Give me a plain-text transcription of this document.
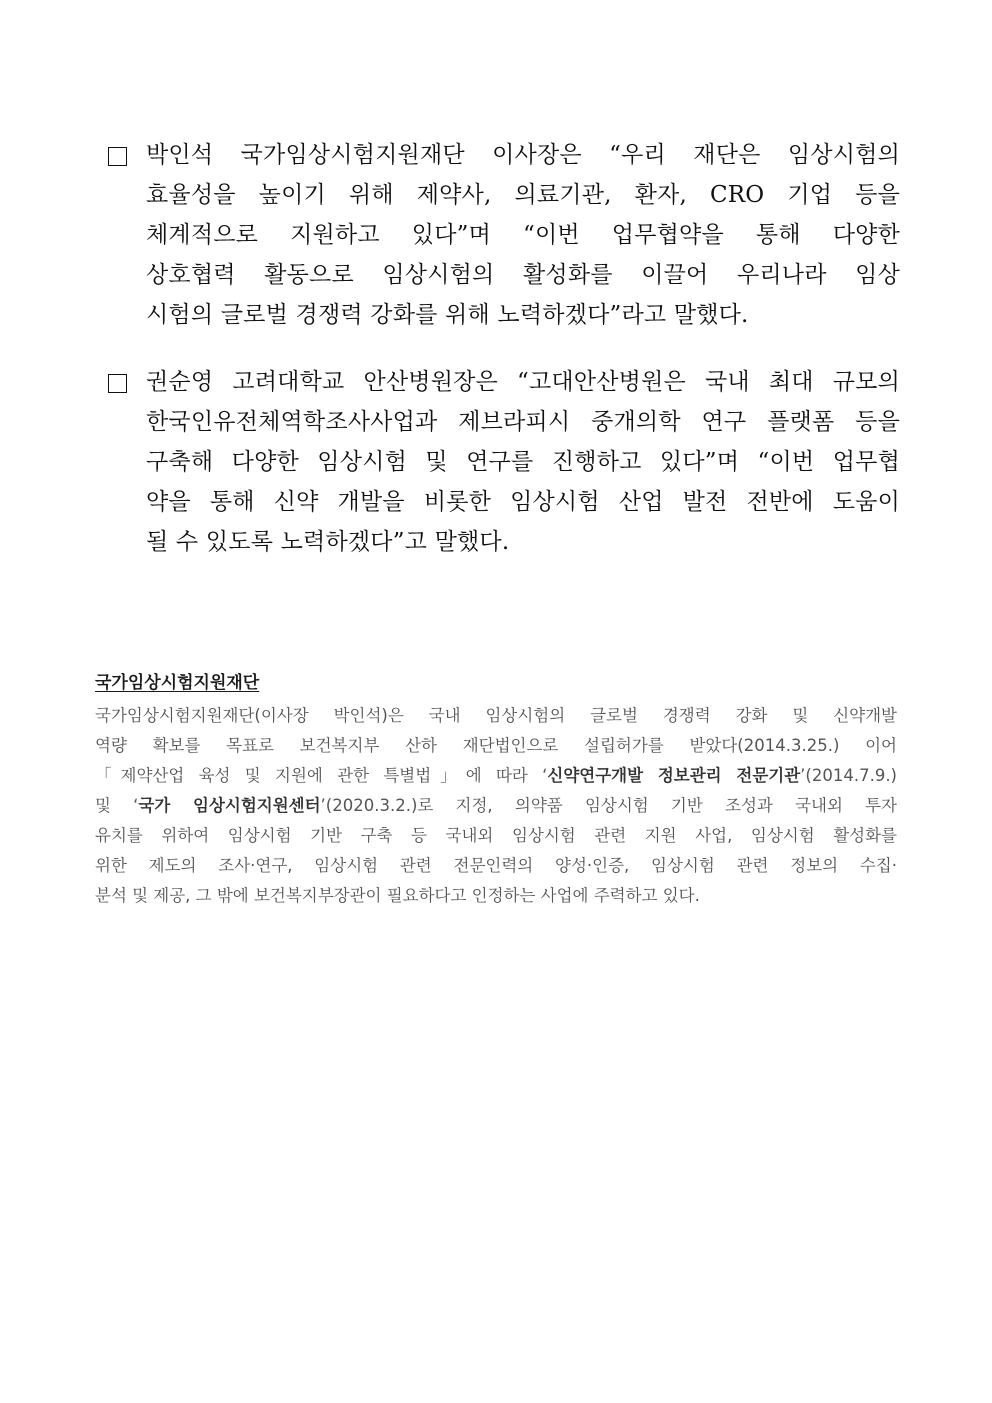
박인석 국가임상시험지원재단 이사장은 “우리 재단은 임상시험의
효율성을 높이기 위해 제약사, 의료기관, 환자, CRO 기업 등을
체계적으로 지원하고 있다”며 “이번 업무협약을 통해 다양한
상호협력 활동으로 임상시험의 활성화를 이끌어 우리나라 임상
시험의 글로벌 경쟁력 강화를 위해 노력하겠다”라고 말했다.
권순영 고려대학교 안산병원장은 “고대안산병원은 국내 최대 규모의
한국인유전체역학조사사업과 제브라피시 중개의학 연구 플랫폼 등을
구축해 다양한 임상시험 및 연구를 진행하고 있다”며 “이번 업무협
약을 통해 신약 개발을 비롯한 임상시험 산업 발전 전반에 도움이
될 수 있도록 노력하겠다”고 말했다.
국가임상시험지원재단
국가임상시험지원재단(이사장 박인석)은 국내 임상시험의 글로벌 경쟁력 강화 및 신약개발
역량 확보를 목표로 보건복지부 산하 재단법인으로 설립허가를 받았다(2014.3.25.) 이어
「제약산업 육성 및 지원에 관한 특별법」에 따라 ‘신약연구개발 정보관리 전문기관’(2014.7.9.)
및 ‘국가 임상시험지원센터’(2020.3.2.)로 지정, 의약품 임상시험 기반 조성과 국내외 투자
유치를 위하여 임상시험 기반 구축 등 국내외 임상시험 관련 지원 사업, 임상시험 활성화를
위한 제도의 조사·연구, 임상시험 관련 전문인력의 양성·인증, 임상시험 관련 정보의 수집·
분석 및 제공, 그 밖에 보건복지부장관이 필요하다고 인정하는 사업에 주력하고 있다.
